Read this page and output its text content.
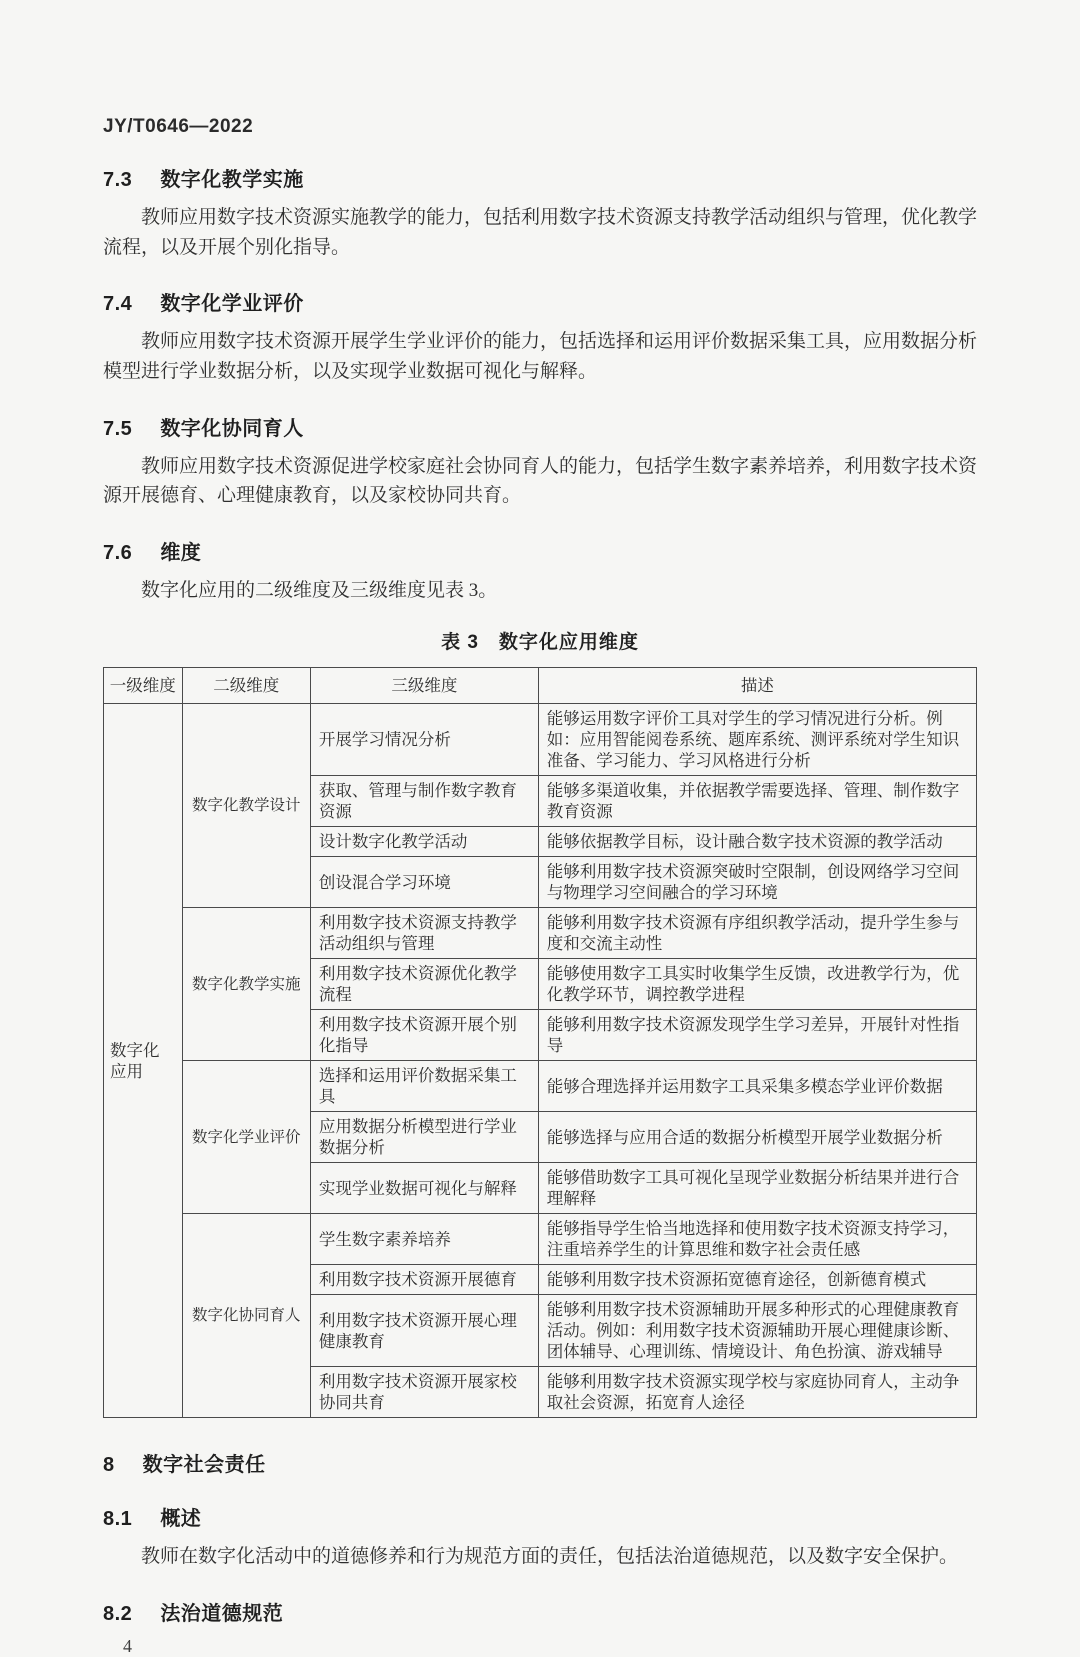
JY/T0646—2022
7.3 数字化教学实施

教师应用数字技术资源实施教学的能力，包括利用数字技术资源支持教学活动组织与管理，优化教学流程，以及开展个别化指导。

7.4 数字化学业评价

教师应用数字技术资源开展学生学业评价的能力，包括选择和运用评价数据采集工具，应用数据分析模型进行学业数据分析，以及实现学业数据可视化与解释。

7.5 数字化协同育人

教师应用数字技术资源促进学校家庭社会协同育人的能力，包括学生数字素养培养，利用数字技术资源开展德育、心理健康教育，以及家校协同共育。

7.6 维度

数字化应用的二级维度及三级维度见表 3。

表 3　数字化应用维度
一级维度	二级维度	三级维度	描述
数字化应用	数字化教学设计	开展学习情况分析	能够运用数字评价工具对学生的学习情况进行分析。例如：应用智能阅卷系统、题库系统、测评系统对学生知识准备、学习能力、学习风格进行分析
		获取、管理与制作数字教育资源	能够多渠道收集，并依据教学需要选择、管理、制作数字教育资源
		设计数字化教学活动	能够依据教学目标，设计融合数字技术资源的教学活动
		创设混合学习环境	能够利用数字技术资源突破时空限制，创设网络学习空间与物理学习空间融合的学习环境
	数字化教学实施	利用数字技术资源支持教学活动组织与管理	能够利用数字技术资源有序组织教学活动，提升学生参与度和交流主动性
		利用数字技术资源优化教学流程	能够使用数字工具实时收集学生反馈，改进教学行为，优化教学环节，调控教学进程
		利用数字技术资源开展个别化指导	能够利用数字技术资源发现学生学习差异，开展针对性指导
	数字化学业评价	选择和运用评价数据采集工具	能够合理选择并运用数字工具采集多模态学业评价数据
		应用数据分析模型进行学业数据分析	能够选择与应用合适的数据分析模型开展学业数据分析
		实现学业数据可视化与解释	能够借助数字工具可视化呈现学业数据分析结果并进行合理解释
	数字化协同育人	学生数字素养培养	能够指导学生恰当地选择和使用数字技术资源支持学习，注重培养学生的计算思维和数字社会责任感
		利用数字技术资源开展德育	能够利用数字技术资源拓宽德育途径，创新德育模式
		利用数字技术资源开展心理健康教育	能够利用数字技术资源辅助开展多种形式的心理健康教育活动。例如：利用数字技术资源辅助开展心理健康诊断、团体辅导、心理训练、情境设计、角色扮演、游戏辅导
		利用数字技术资源开展家校协同共育	能够利用数字技术资源实现学校与家庭协同育人，主动争取社会资源，拓宽育人途径
8 数字社会责任
8.1 概述

教师在数字化活动中的道德修养和行为规范方面的责任，包括法治道德规范，以及数字安全保护。

8.2 法治道德规范
4
